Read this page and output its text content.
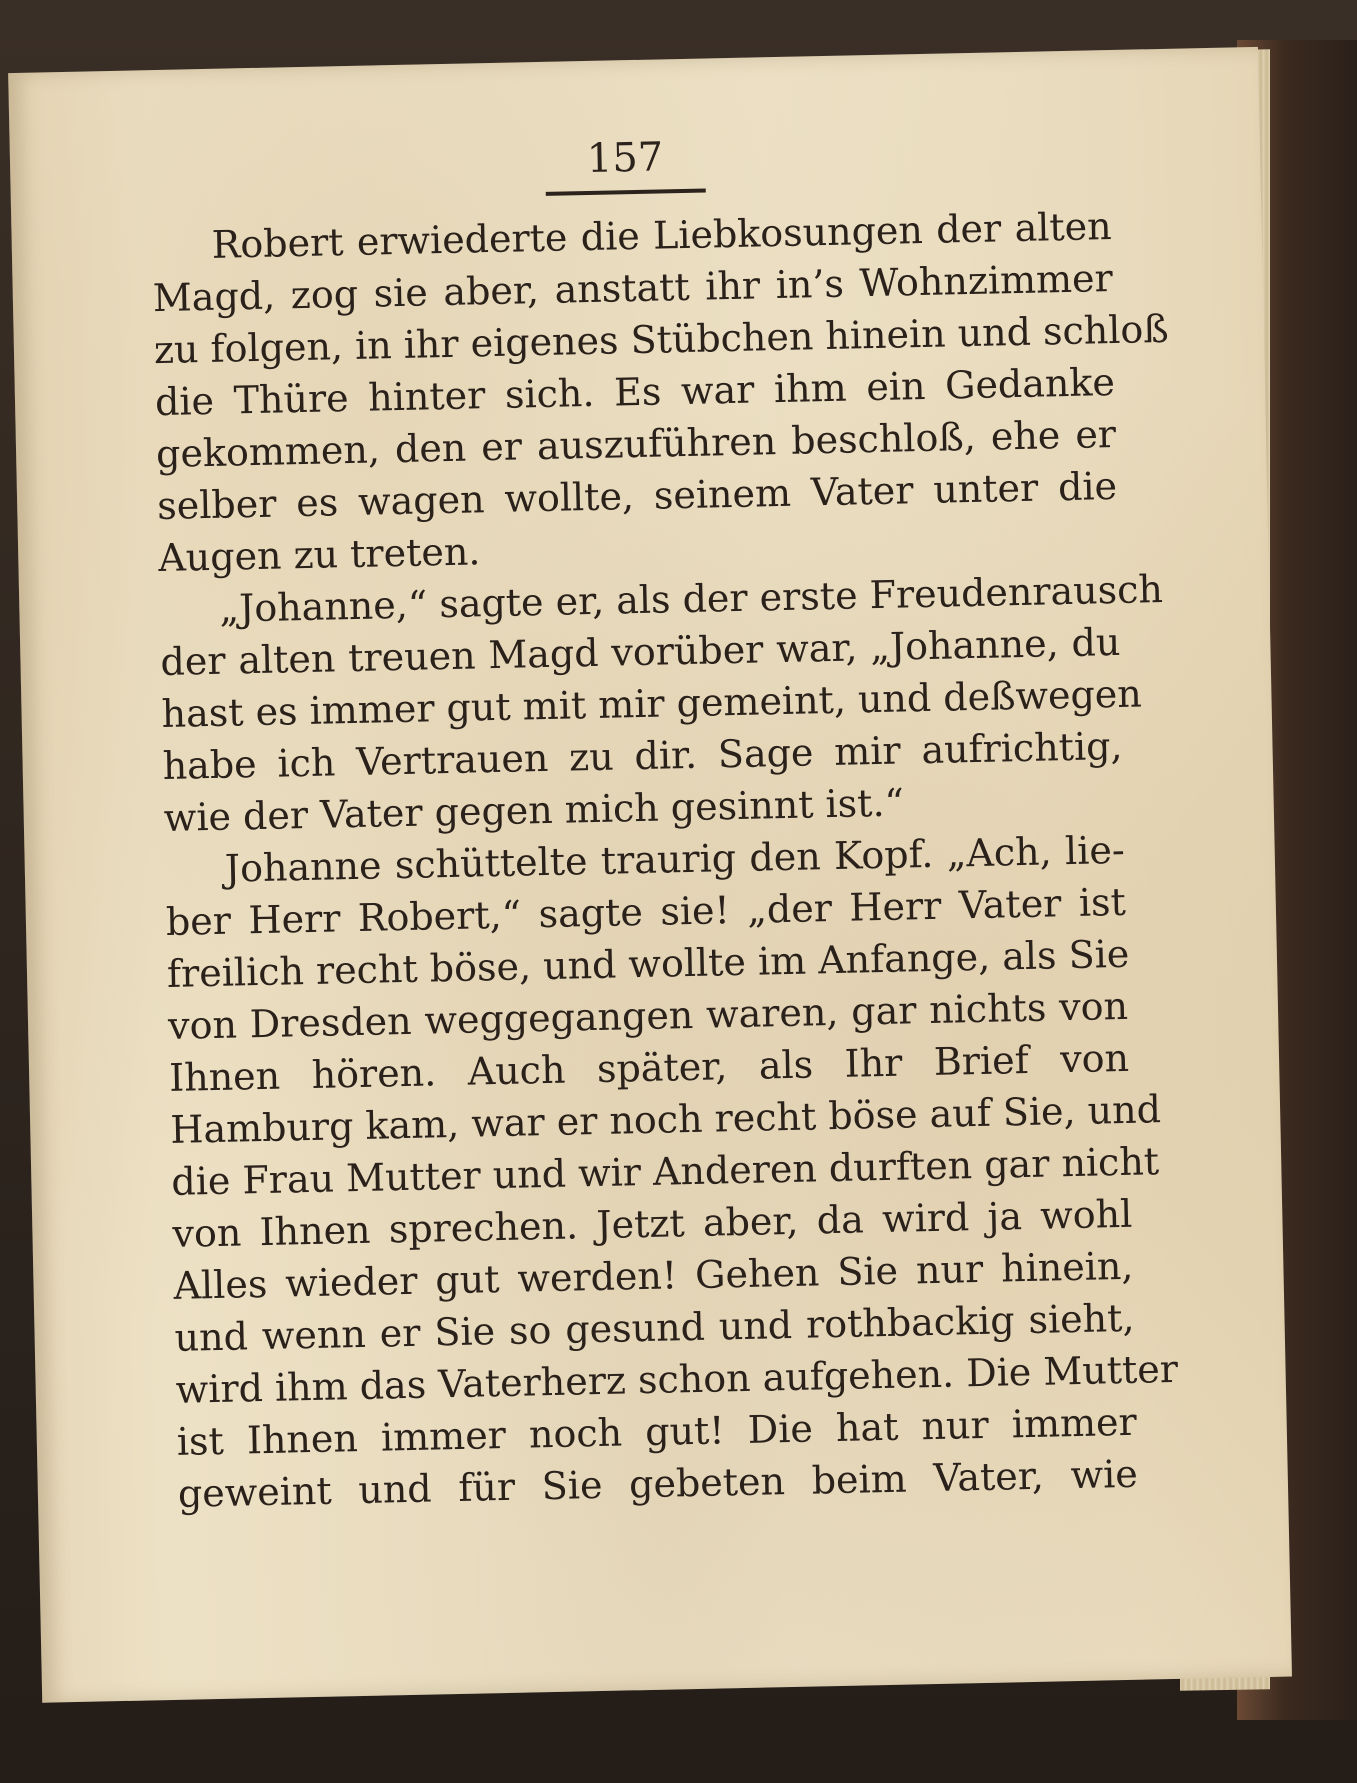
157
Robert erwiederte die Liebkosungen der alten
Magd, zog sie aber, anstatt ihr in’s Wohnzimmer
zu folgen, in ihr eigenes Stübchen hinein und schloß
die Thüre hinter sich. Es war ihm ein Gedanke
gekommen, den er auszuführen beschloß, ehe er
selber es wagen wollte, seinem Vater unter die
Augen zu treten.
„Johanne,“ sagte er, als der erste Freudenrausch
der alten treuen Magd vorüber war, „Johanne, du
hast es immer gut mit mir gemeint, und deßwegen
habe ich Vertrauen zu dir. Sage mir aufrichtig,
wie der Vater gegen mich gesinnt ist.“
Johanne schüttelte traurig den Kopf. „Ach, lie-
ber Herr Robert,“ sagte sie! „der Herr Vater ist
freilich recht böse, und wollte im Anfange, als Sie
von Dresden weggegangen waren, gar nichts von
Ihnen hören. Auch später, als Ihr Brief von
Hamburg kam, war er noch recht böse auf Sie, und
die Frau Mutter und wir Anderen durften gar nicht
von Ihnen sprechen. Jetzt aber, da wird ja wohl
Alles wieder gut werden! Gehen Sie nur hinein,
und wenn er Sie so gesund und rothbackig sieht,
wird ihm das Vaterherz schon aufgehen. Die Mutter
ist Ihnen immer noch gut! Die hat nur immer
geweint und für Sie gebeten beim Vater, wie
